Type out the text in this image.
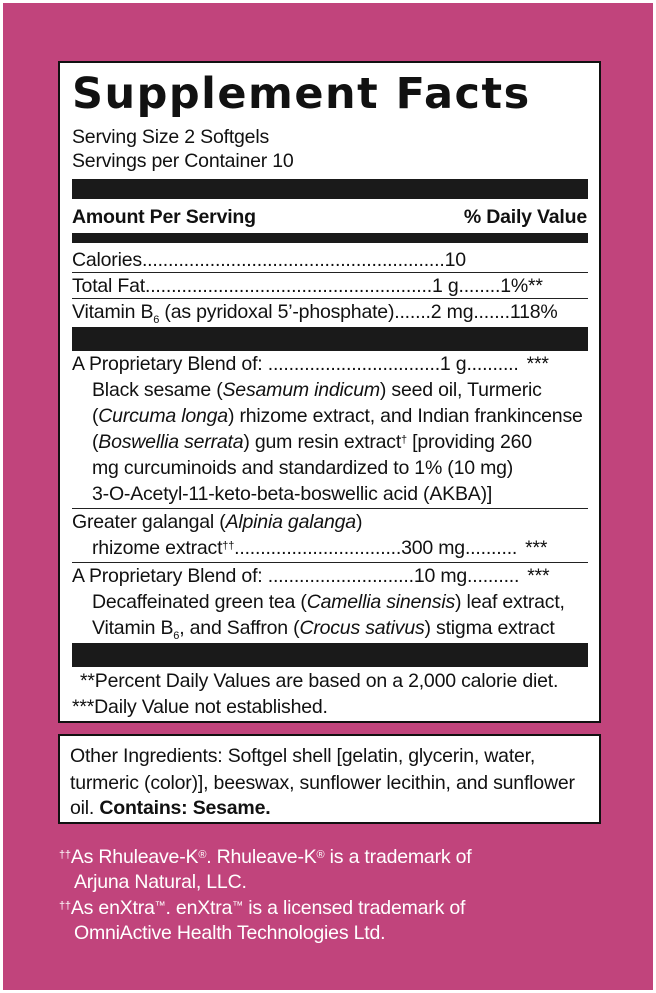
Supplement Facts
Serving Size 2 Softgels
Servings per Container 10
Amount Per Serving	% Daily Value
Calories..........................................................10
Total Fat.......................................................1 g........1%**
Vitamin $B_6$ (as pyridoxal 5’-phosphate).......2 mg.......118%
A Proprietary Blend of: .................................1 g.......... ***
Black sesame (Sesamum indicum) seed oil, Turmeric
(Curcuma longa) rhizome extract, and Indian frankincense
(Boswellia serrata) gum resin extract† [providing 260
mg curcuminoids and standardized to 1% (10 mg)
3-O-Acetyl-11-keto-beta-boswellic acid (AKBA)]
Greater galangal (Alpinia galanga)
rhizome extract††................................300 mg.......... ***
A Proprietary Blend of: ............................10 mg.......... ***
Decaffeinated green tea (Camellia sinensis) leaf extract,
Vitamin $B_6$, and Saffron (Crocus sativus) stigma extract
**Percent Daily Values are based on a 2,000 calorie diet.
***Daily Value not established.
Other Ingredients: Softgel shell [gelatin, glycerin, water,
turmeric (color)], beeswax, sunflower lecithin, and sunflower
oil. Contains: Sesame.
††As Rhuleave-K®. Rhuleave-K® is a trademark of
Arjuna Natural, LLC.
††As enXtra™. enXtra™ is a licensed trademark of
OmniActive Health Technologies Ltd.
